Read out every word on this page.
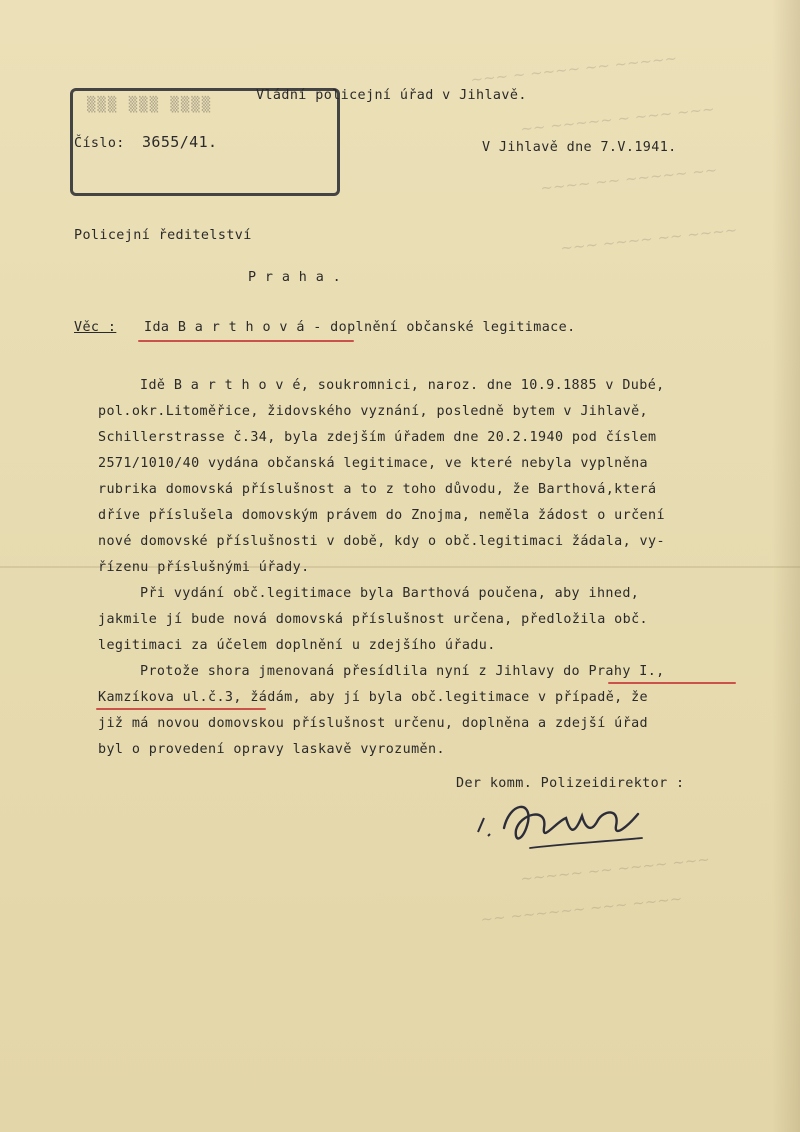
~~~ ~ ~~~~ ~~ ~~~~~
~~ ~~~~~ ~ ~~~ ~~~
~~~~ ~~ ~~~~~ ~~
~~~ ~~~~ ~~ ~~~~
~~~~~ ~~ ~~~~ ~~~
~~ ~~~~~~ ~~~ ~~~~
▒▒▒ ▒▒▒ ▒▒▒▒
Vládní policejní úřad v Jihlavě.
Číslo: 3655/41.	V Jihlavě dne 7.V.1941.
Policejní ředitelství
P r a h a .
Věc : Ida B a r t h o v á - doplnění občanské legitimace.
Idě B a r t h o v é, soukromnici, naroz. dne 10.9.1885 v Dubé,
pol.okr.Litoměřice, židovského vyznání, posledně bytem v Jihlavě,
Schillerstrasse č.34, byla zdejším úřadem dne 20.2.1940 pod číslem
2571/1010/40 vydána občanská legitimace, ve které nebyla vyplněna
rubrika domovská příslušnost a to z toho důvodu, že Barthová,která
dříve příslušela domovským právem do Znojma, neměla žádost o určení
nové domovské příslušnosti v době, kdy o obč.legitimaci žádala, vy-
řízenu příslušnými úřady.
Při vydání obč.legitimace byla Barthová poučena, aby ihned,
jakmile jí bude nová domovská příslušnost určena, předložila obč.
legitimaci za účelem doplnění u zdejšího úřadu.
Protože shora jmenovaná přesídlila nyní z Jihlavy do Prahy I.,
Kamzíkova ul.č.3, žádám, aby jí byla obč.legitimace v případě, že
již má novou domovskou příslušnost určenu, doplněna a zdejší úřad
byl o provedení opravy laskavě vyrozuměn.
Der komm. Polizeidirektor :
